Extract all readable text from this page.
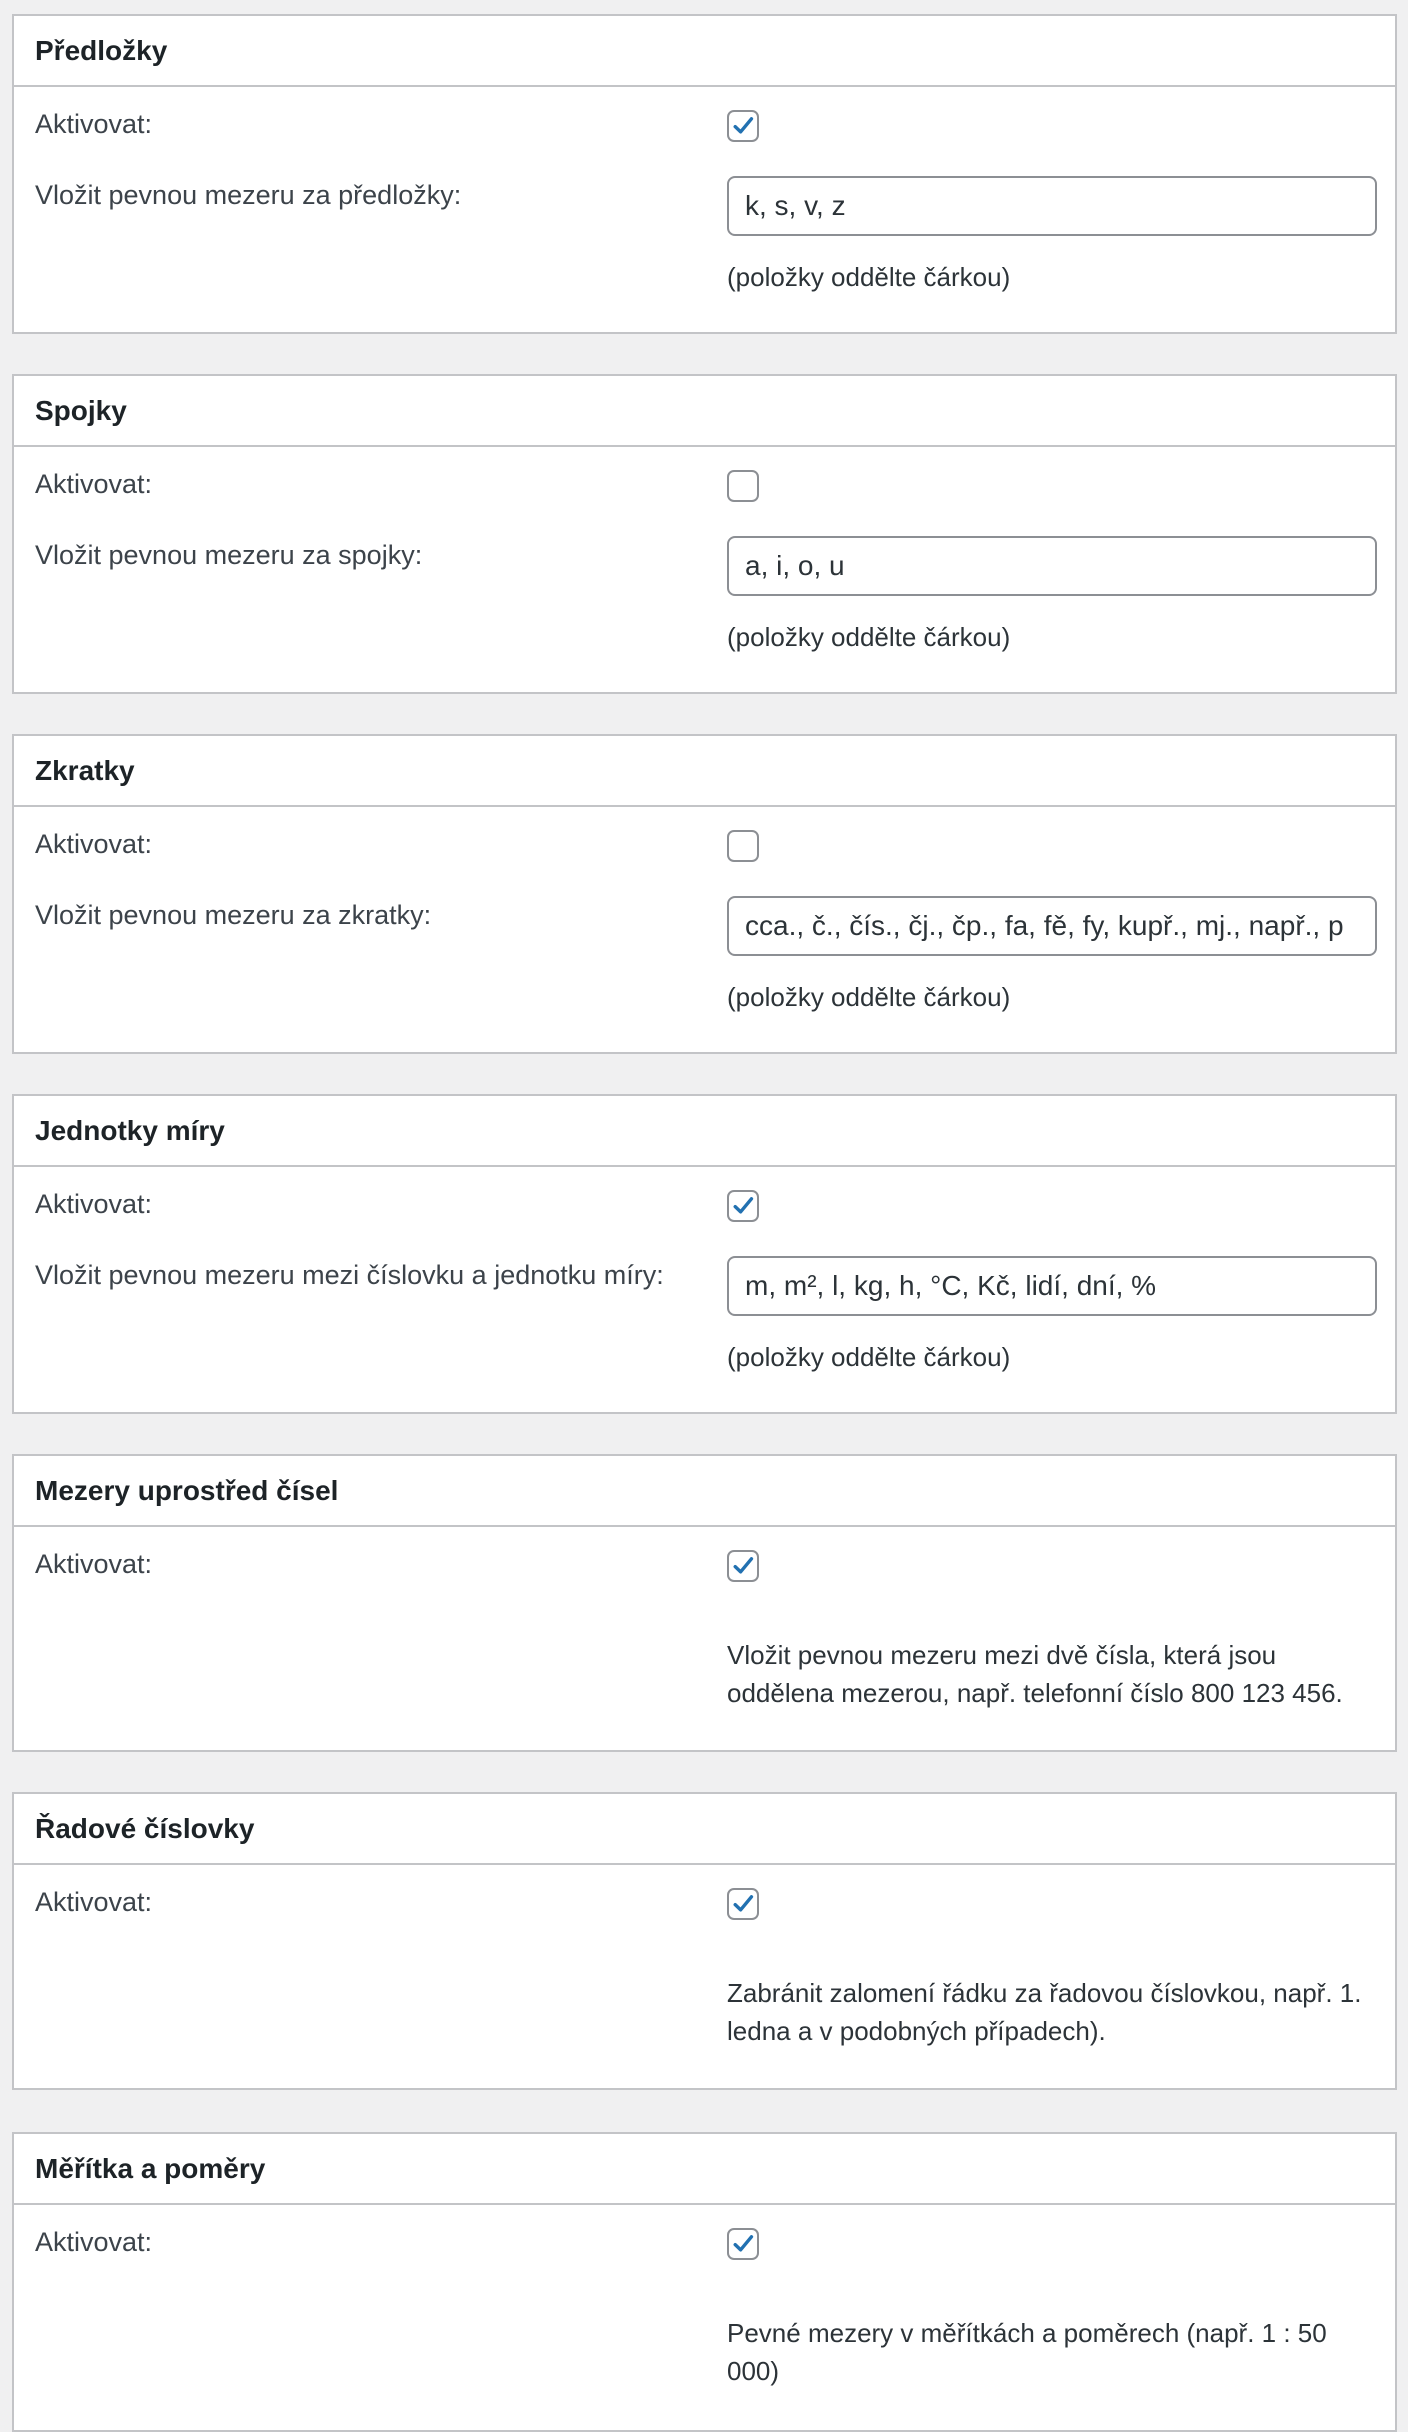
Předložky
Aktivovat:
Vložit pevnou mezeru za předložky:
k, s, v, z
(položky oddělte čárkou)
Spojky
Aktivovat:
Vložit pevnou mezeru za spojky:
a, i, o, u
(položky oddělte čárkou)
Zkratky
Aktivovat:
Vložit pevnou mezeru za zkratky:
cca., č., čís., čj., čp., fa, fě, fy, kupř., mj., např., p
(položky oddělte čárkou)
Jednotky míry
Aktivovat:
Vložit pevnou mezeru mezi číslovku a jednotku míry:
m, m², l, kg, h, °C, Kč, lidí, dní, %
(položky oddělte čárkou)
Mezery uprostřed čísel
Aktivovat:
Vložit pevnou mezeru mezi dvě čísla, která jsou oddělena mezerou, např. telefonní číslo 800 123 456.
Řadové číslovky
Aktivovat:
Zabránit zalomení řádku za řadovou číslovkou, např. 1. ledna a v podobných případech).
Měřítka a poměry
Aktivovat:
Pevné mezery v měřítkách a poměrech (např. 1 : 50 000)
